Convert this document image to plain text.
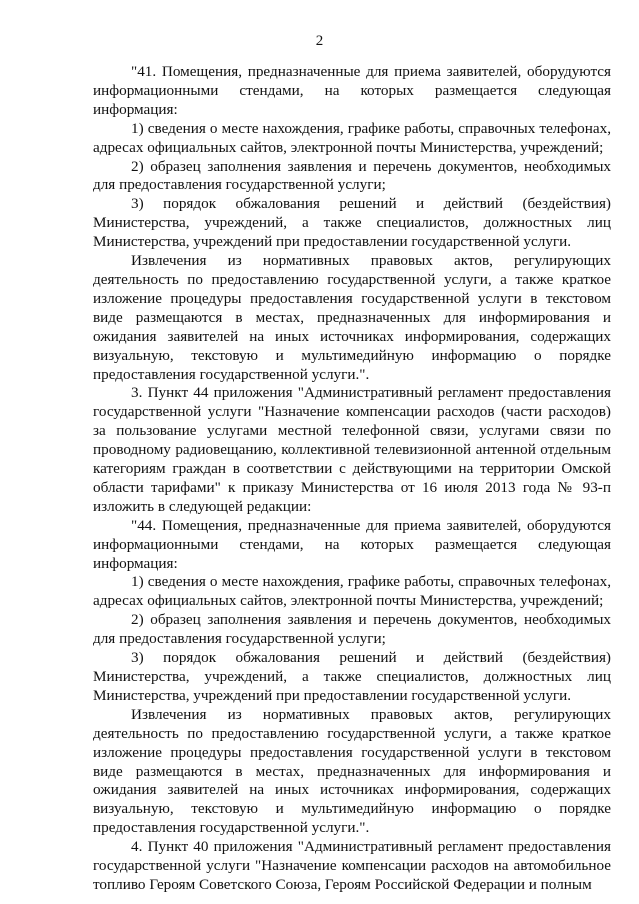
2

"41. Помещения, предназначенные для приема заявителей, оборудуются информационными стендами, на которых размещается следующая информация:

1) сведения о месте нахождения, графике работы, справочных телефонах, адресах официальных сайтов, электронной почты Министерства, учреждений;

2) образец заполнения заявления и перечень документов, необходимых для предоставления государственной услуги;

3) порядок обжалования решений и действий (бездействия) Министерства, учреждений, а также специалистов, должностных лиц Министерства, учреждений при предоставлении государственной услуги.

Извлечения из нормативных правовых актов, регулирующих деятельность по предоставлению государственной услуги, а также краткое изложение процедуры предоставления государственной услуги в текстовом виде размещаются в местах, предназначенных для информирования и ожидания заявителей на иных источниках информирования, содержащих визуальную, текстовую и мультимедийную информацию о порядке предоставления государственной услуги.".

3. Пункт 44 приложения "Административный регламент предоставления государственной услуги "Назначение компенсации расходов (части расходов) за пользование услугами местной телефонной связи, услугами связи по проводному радиовещанию, коллективной телевизионной антенной отдельным категориям граждан в соответствии с действующими на территории Омской области тарифами" к приказу Министерства от 16 июля 2013 года № 93-п изложить в следующей редакции:

"44. Помещения, предназначенные для приема заявителей, оборудуются информационными стендами, на которых размещается следующая информация:

1) сведения о месте нахождения, графике работы, справочных телефонах, адресах официальных сайтов, электронной почты Министерства, учреждений;

2) образец заполнения заявления и перечень документов, необходимых для предоставления государственной услуги;

3) порядок обжалования решений и действий (бездействия) Министерства, учреждений, а также специалистов, должностных лиц Министерства, учреждений при предоставлении государственной услуги.

Извлечения из нормативных правовых актов, регулирующих деятельность по предоставлению государственной услуги, а также краткое изложение процедуры предоставления государственной услуги в текстовом виде размещаются в местах, предназначенных для информирования и ожидания заявителей на иных источниках информирования, содержащих визуальную, текстовую и мультимедийную информацию о порядке предоставления государственной услуги.".

4. Пункт 40 приложения "Административный регламент предоставления государственной услуги "Назначение компенсации расходов на автомобильное топливо Героям Советского Союза, Героям Российской Федерации и полным
